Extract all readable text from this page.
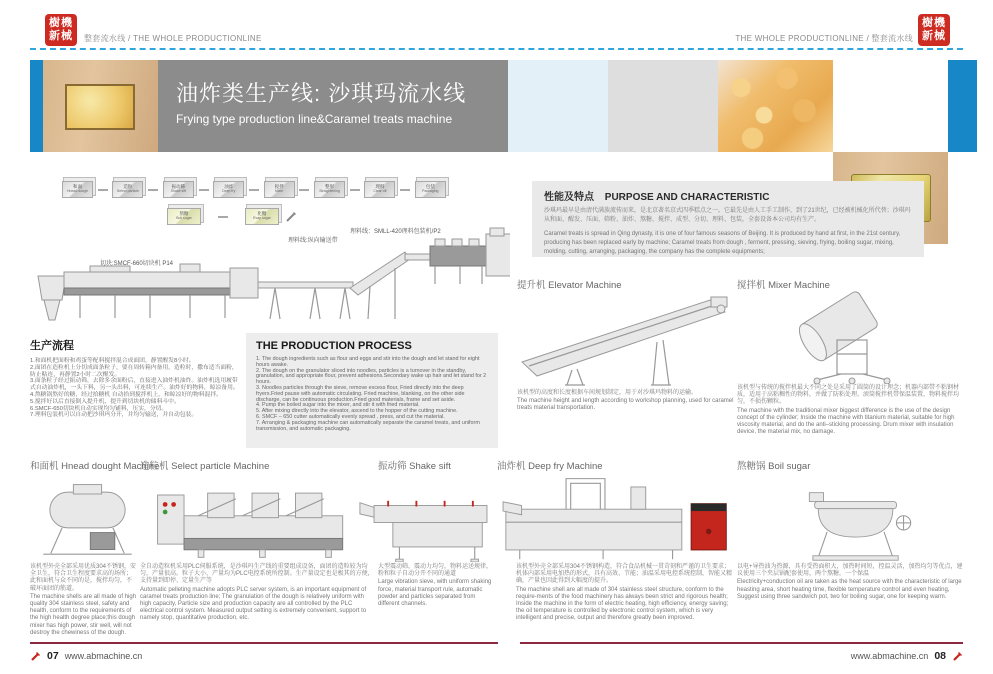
樹機
新械	整套流水线 / THE WHOLE PRODUCTIONLINE	THE WHOLE PRODUCTIONLINE / 整套流水线
樹機
新械
油炸类生产线: 沙琪玛流水线
Frying type production line&Caramel treats machine
和面
Hnead dough
造粒
Select particle
振动筛
Shake sift
油炸
Deep fry
搅拌
Mixer
整形
Straightening
理料
Clear off
包装
Packaging
熬糖
Boil sugar
化糖
Evap sugar
切块:SMCF-660切块机 P14
理料线:纵向输送带
理料线：SMLL-420理料包装机/P2
性能及特点 PURPOSE AND CHARACTERISTIC
沙琪玛最早是由清代满族流传而来，是北京著名京式四季糕点之一。它最先是由人工手工制作，到了21世纪，已经被机械化所代替；沙琪玛从和面、醒发、压面、筛粉、油炸、熬糖、搅拌、成型、分切、理料、包装，全套设备本公司均有生产。
Caramel treats is spread in Qing dynasty, it is one of four famous seasons of Beijing. It is produced by hand at first, in the 21st century, producing has been replaced early by machine; Caramel treats from dough , ferment, pressing, sieving, frying, boiling sugar, mixing, molding, cutting, arranging, packaging, the company has the complete equipments;
提升机 Elevator Machine
该机型的高度和长度根据车间规划制定，用于对沙琪玛物料的运输。
The machine height and length according to workshop planning, used for caramel treats material transportation.
搅拌机 Mixer Machine
该机型与传统的搅拌机最大不同之处是采用了圆筒的设计理念；机器内部带不粘钢材质，适用于高粘稠性的物料，并做了防粘处理。滚筒搅拌机带保温装置，物料搅拌均匀，不损伤颗粒。
The machine with the traditional mixer biggest difference is the use of the design concept of the cylinder; Inside the machine with titanium material, suitable for high viscosity material, and do the anti–sticking processing. Drum mixer with insulation device, the material mix, no damage.
生产流程
1.和面机把面粉和鸡蛋等配料搅拌混合成面团，静置醒发8小时。
2.面团在造粒机上分切成面条粒子，要在周转箱内备用，造粒时，撒布适当面粉，防止粘连，再静置2小时二次醒发。
3.面条粒子经过振动筛，去除多余面粉后，直接进入油炸机油炸。油炸机选用履带式自动油炸机，一头下料，另一头出料，可连续生产。油炸好的物料，晾凉备用。
4.熬糖锅熬好的糖，经过拾糖机 自动拾到搅拌机上，和晾凉好的物料混拌。
5.搅拌好以后直接倒入提升机，提升到切块机的储料斗中。
6.SMCF-650切块机自动实现均匀铺料，压实，分切。
7.理料包装机可以自动把沙琪玛分开，并均匀输送，并自动包装。
THE PRODUCTION PROCESS
1. The dough ingredients such as flour and eggs and stir into the dough and let stand for eight hours awake.
2. The dough on the granulator sliced into noodles, particles is a turnover in the standby, granulation, and appropriate flour, prevent adhesions.Secondary wake up hair and let stand for 2 hours.
3. Noodles particles through the sieve, remove excess flour, Fried directly into the deep fryers.Fried pause with automatic circulating. Fried machine, blanking, on the other side discharge, can be continuous production.Fried good materials, frame and set aside.
4. Pump the boiled sugar into the mixer, and stir it with fried material.
5. After mixing directly into the elevator, ascend to the hopper of the cutting machine.
6. SMCF – 650 cutter automatically evenly spread , press, and cut the material.
7. Arranging & packaging machine can automatically separate the caramel treats, and uniform transmission, and automatic packaging.
和面机 Hnead dought Machine
造粒机 Select particle Machine	振动筛 Shake sift	油炸机 Deep fry Machine	熬糖锅 Boil sugar
该机型外壳全部采用优质304不锈钢，安全卫生，符合卫生程度要求高的场所；此和面机与众不同的是，搅拌均匀，不破坏面团的筋道。
The machine shells are all made of high quality 304 stainless steel, safety and health, conform to the requirements of the high health degree place;this dough mixer has high power, stir well, will not destroy the chewiness of the dough.
全自动造粒机采用PLC伺服系统，是沙琪玛生产线的重要组成设备，面团的造粒较为均匀，产量很高。粒子大小、产量均为PLC电控系统所控制。生产量设定也是极其的方便，支持量到即停、定量生产等
Automatic pelleting machine adopts PLC server system, is an important equipment of caramel treats production line; The granulation of the dough is relatively uniform with high capacity, Particle size and production capacity are all controlled by the PLC electrical control system. Measured output setting is extremely convenient, support to namely stop, quantitative production, etc.
大型震动筛，震动力均匀，物料运送规律，粉和粒子自动分开不同的通道
Large vibration sieve, with uniform shaking force, material transport rule, automatic powder and particles separated from different channels.
该机型外壳全部采用304不锈钢构造，符合食品机械一贯苛刻和严谨的卫生要求；机体内部采用电加热的形式，具有高效、节能；油温采用电控系统控制，智能又精确，产量也因此得到大幅度的提升。
The machine shell are all made of 304 stainless steel structure, conform to the require-ments of the food machinery has always been strict and rigorous health; Inside the machine in the form of electric heating, high efficiency, energy saving; the oil temperature is controlled by electronic control system, which is very intelligent and precise, output and therefore greatly been improved.
以电+导热油为热源，具有受热面积大，加热时间短，控温灵活，加热均匀等优点，建议使用三个夹层锅配套使用，两个熬糖，一个保温
Electricity+conduction oil are taken as the heat source with the characteristic of large heasting area, short heating time, flexible temperature control and even heating, Suggest using three sandwich pot, two for boiling sugar, one for keeping warm.
07 www.abmachine.cn	www.abmachine.cn 08
